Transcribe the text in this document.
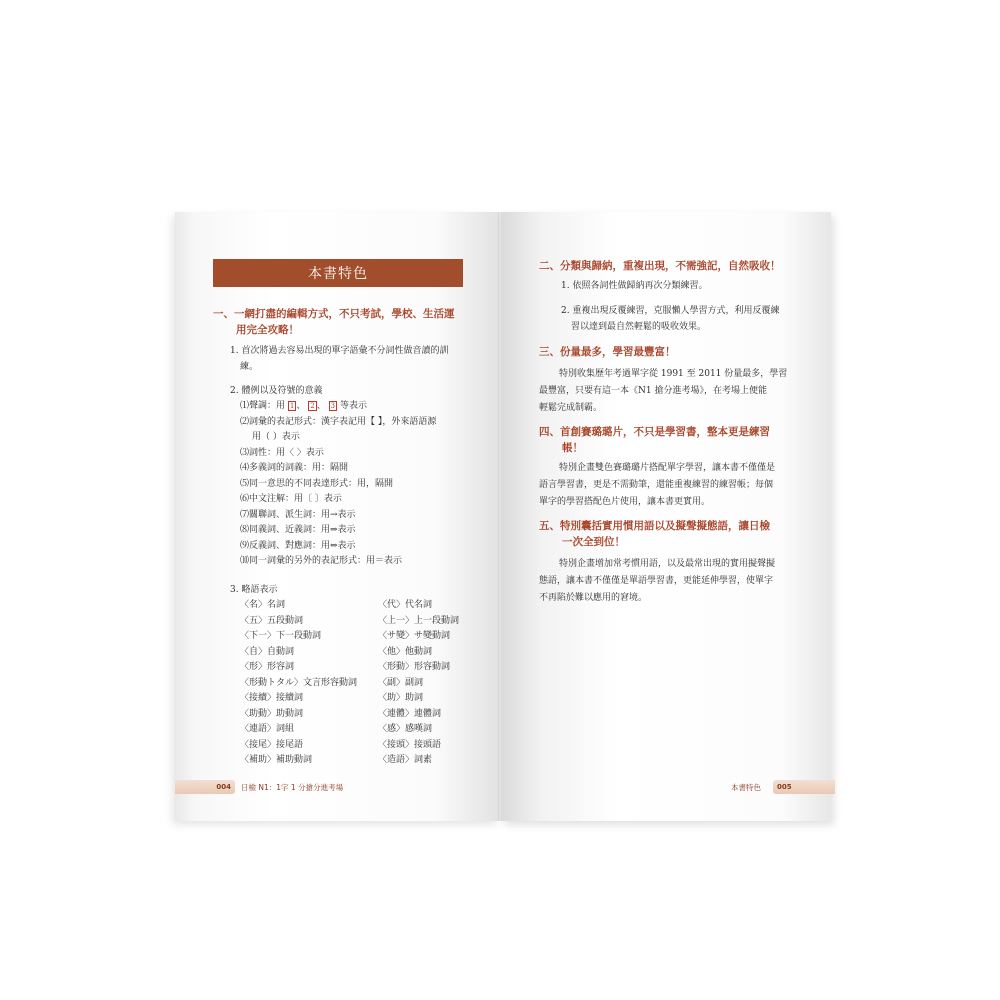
本書特色
一、一網打盡的編輯方式，不只考試，學校、生活運
用完全攻略！
1. 首次將過去容易出現的單字語彙不分詞性做音讀的訓
練。
2. 體例以及符號的意義
⑴聲調：用 1 、 2 、 3 等表示
⑵詞彙的表記形式：漢字表記用【 】，外來語語源
用（ ）表示
⑶詞性：用〈 〉表示
⑷多義詞的詞義：用：隔開
⑸同一意思的不同表達形式：用，隔開
⑹中文注解：用〔 〕表示
⑺關聯詞、派生詞：用→表示
⑻同義詞、近義詞：用⇒表示
⑼反義詞、對應詞：用⇔表示
⑽同一詞彙的另外的表記形式：用＝表示
3. 略語表示
〈名〉名詞
〈五〉五段動詞
〈下一〉下一段動詞
〈自〉自動詞
〈形〉形容詞
〈形動トタル〉文言形容動詞
〈接續〉接續詞
〈助動〉助動詞
〈連語〉詞組
〈接尾〉接尾語
〈補助〉補助動詞
〈代〉代名詞
〈上一〉上一段動詞
〈サ變〉サ變動詞
〈他〉他動詞
〈形動〉形容動詞
〈副〉副詞
〈助〉助詞
〈連體〉連體詞
〈感〉感嘆詞
〈接頭〉接頭語
〈造語〉詞素
004 日檢 N1：1字 1 分搶分進考場
二、分類與歸納，重複出現，不需強記，自然吸收！
1. 依照各詞性做歸納再次分類練習。
2. 重複出現反覆練習，克服懶人學習方式，利用反覆練
習以達到最自然輕鬆的吸收效果。
三、份量最多，學習最豐富！
特別收集歷年考過單字從 1991 至 2011 份量最多，學習
最豐富，只要有這一本《N1 搶分進考場》，在考場上便能
輕鬆完成制霸。
四、首創賽璐璐片，不只是學習書，整本更是練習
帳！
特別企畫雙色賽璐璐片搭配單字學習，讓本書不僅僅是
語言學習書，更是不需動筆，還能重複練習的練習帳；每個
單字的學習搭配色片使用，讓本書更實用。
五、特別囊括實用慣用語以及擬聲擬態語，讓日檢
一次全到位！
特別企畫增加常考慣用語，以及最常出現的實用擬聲擬
態語，讓本書不僅僅是單語學習書，更能延伸學習，使單字
不再陷於難以應用的窘境。
本書特色 005
